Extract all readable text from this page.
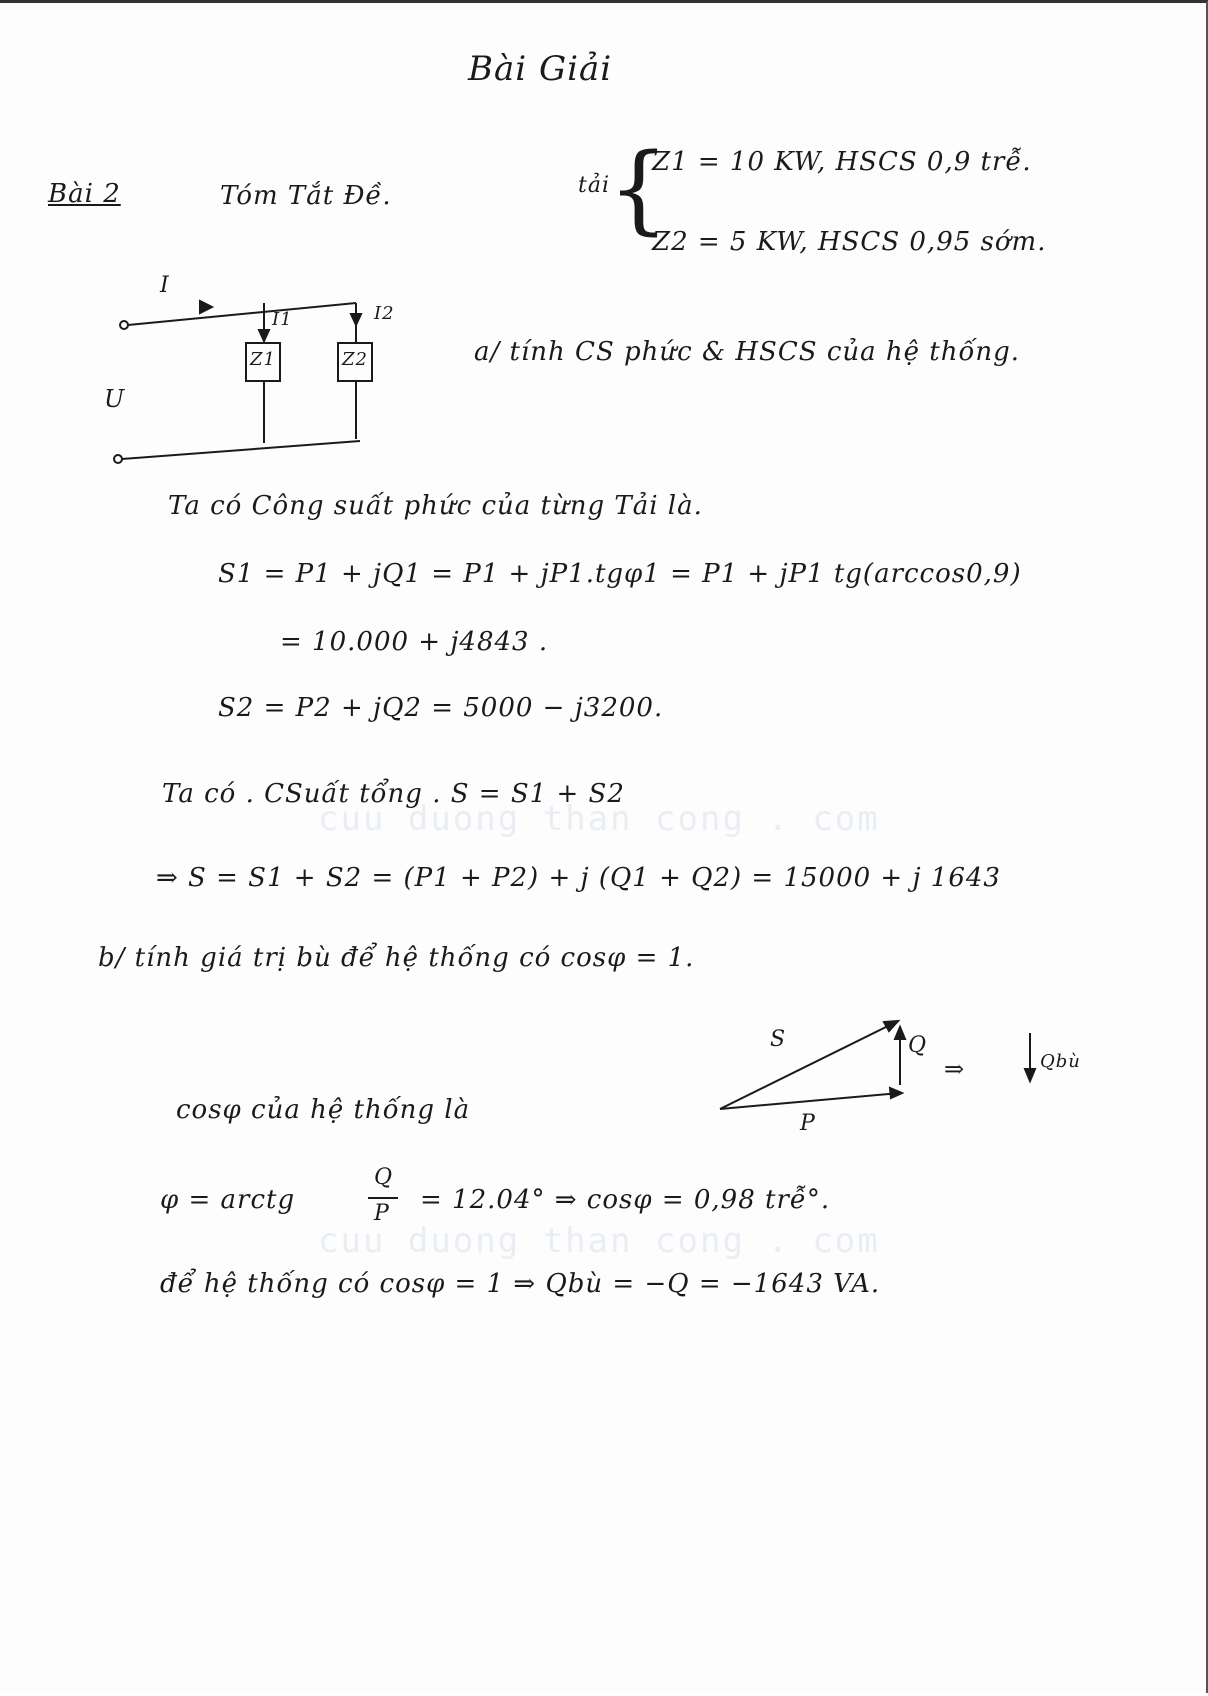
cuu duong than cong . com
cuu duong than cong . com
Bài Giải
Bài 2	Tóm Tắt Đề.	tải
{
Z1 = 10 KW, HSCS 0,9 trễ.
Z2 = 5 KW, HSCS 0,95 sớm.
I
I1	I2
Z1	Z2
U
a/ tính CS phức & HSCS của hệ thống.
Ta có Công suất phức của từng Tải là.
S1 = P1 + jQ1 = P1 + jP1.tgφ1 = P1 + jP1 tg(arccos0,9)
= 10.000 + j4843 .
S2 = P2 + jQ2 = 5000 − j3200.
Ta có . CSuất tổng . S = S1 + S2
⇒ S = S1 + S2 = (P1 + P2) + j (Q1 + Q2) = 15000 + j 1643
b/ tính giá trị bù để hệ thống có cosφ = 1.
cosφ của hệ thống là
S	Q
P
⇒	Qbù
φ = arctg
Q
P = 12.04° ⇒ cosφ = 0,98 trễ°.
để hệ thống có cosφ = 1 ⇒ Qbù = −Q = −1643 VA.
